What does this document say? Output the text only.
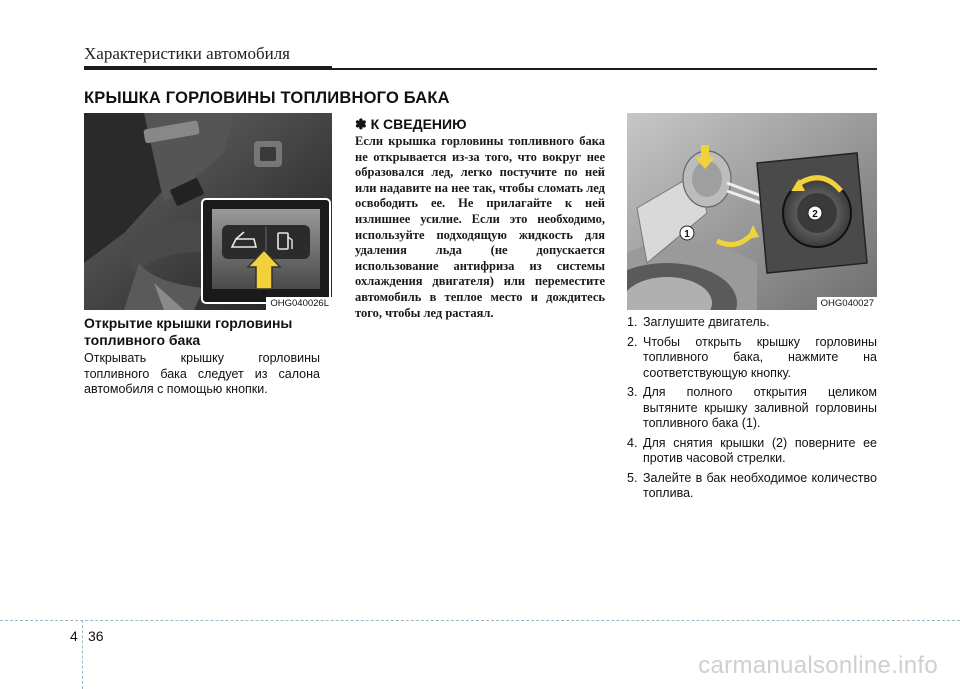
Характеристики автомобиля
КРЫШКА ГОРЛОВИНЫ ТОПЛИВНОГО БАКА
OHG040026L
Открытие крышки горловины топливного бака
Открывать крышку горловины топливного бака следует из салона автомобиля с помощью кнопки.
✽ К СВЕДЕНИЮ
Если крышка горловины топливного бака не открывается из-за того, что вокруг нее образовался лед, легко постучите по ней или надавите на нее так, чтобы сломать лед освободить ее. Не прилагайте к ней излишнее усилие. Если это необходимо, используйте подходящую жидкость для удаления льда (не допускается использование антифриза из системы охлаждения двигателя) или переместите автомобиль в теплое место и дождитесь того, чтобы лед растаял.
1
2
OHG040027
1. Заглушите двигатель.
2. Чтобы открыть крышку горловины топливного бака, нажмите на соответствующую кнопку.
3. Для полного открытия целиком вытяните крышку заливной горловины топливного бака (1).
4. Для снятия крышки (2) поверните ее против часовой стрелки.
5. Залейте в бак необходимое количество топлива.
4 36
carmanualsonline.info
